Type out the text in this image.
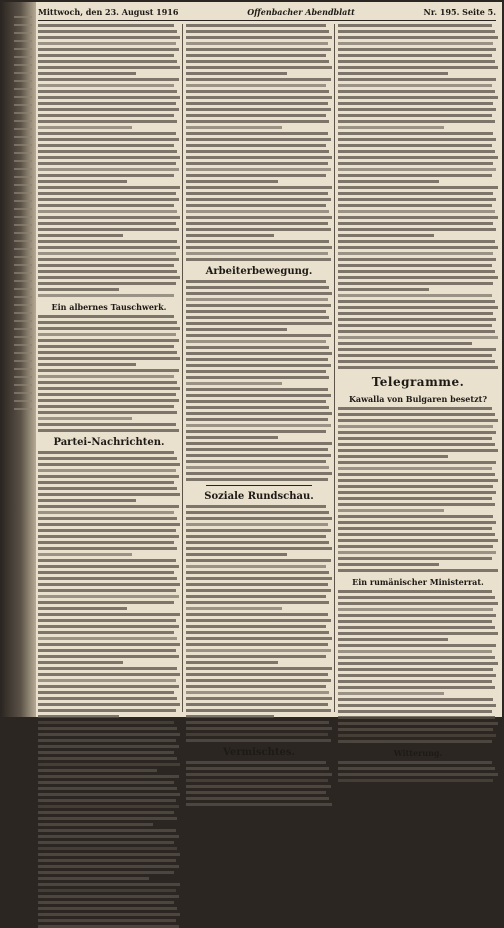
Mittwoch, den 23. August 1916	Offenbacher Abendblatt	Nr. 195. Seite 5.
Ein albernes Tauschwerk.
Partei-Nachrichten.
Arbeiterbewegung.
Soziale Rundschau.
Vermischtes.
Telegramme.
Kawalla von Bulgaren besetzt?
Ein rumänischer Ministerrat.
Witterung.
